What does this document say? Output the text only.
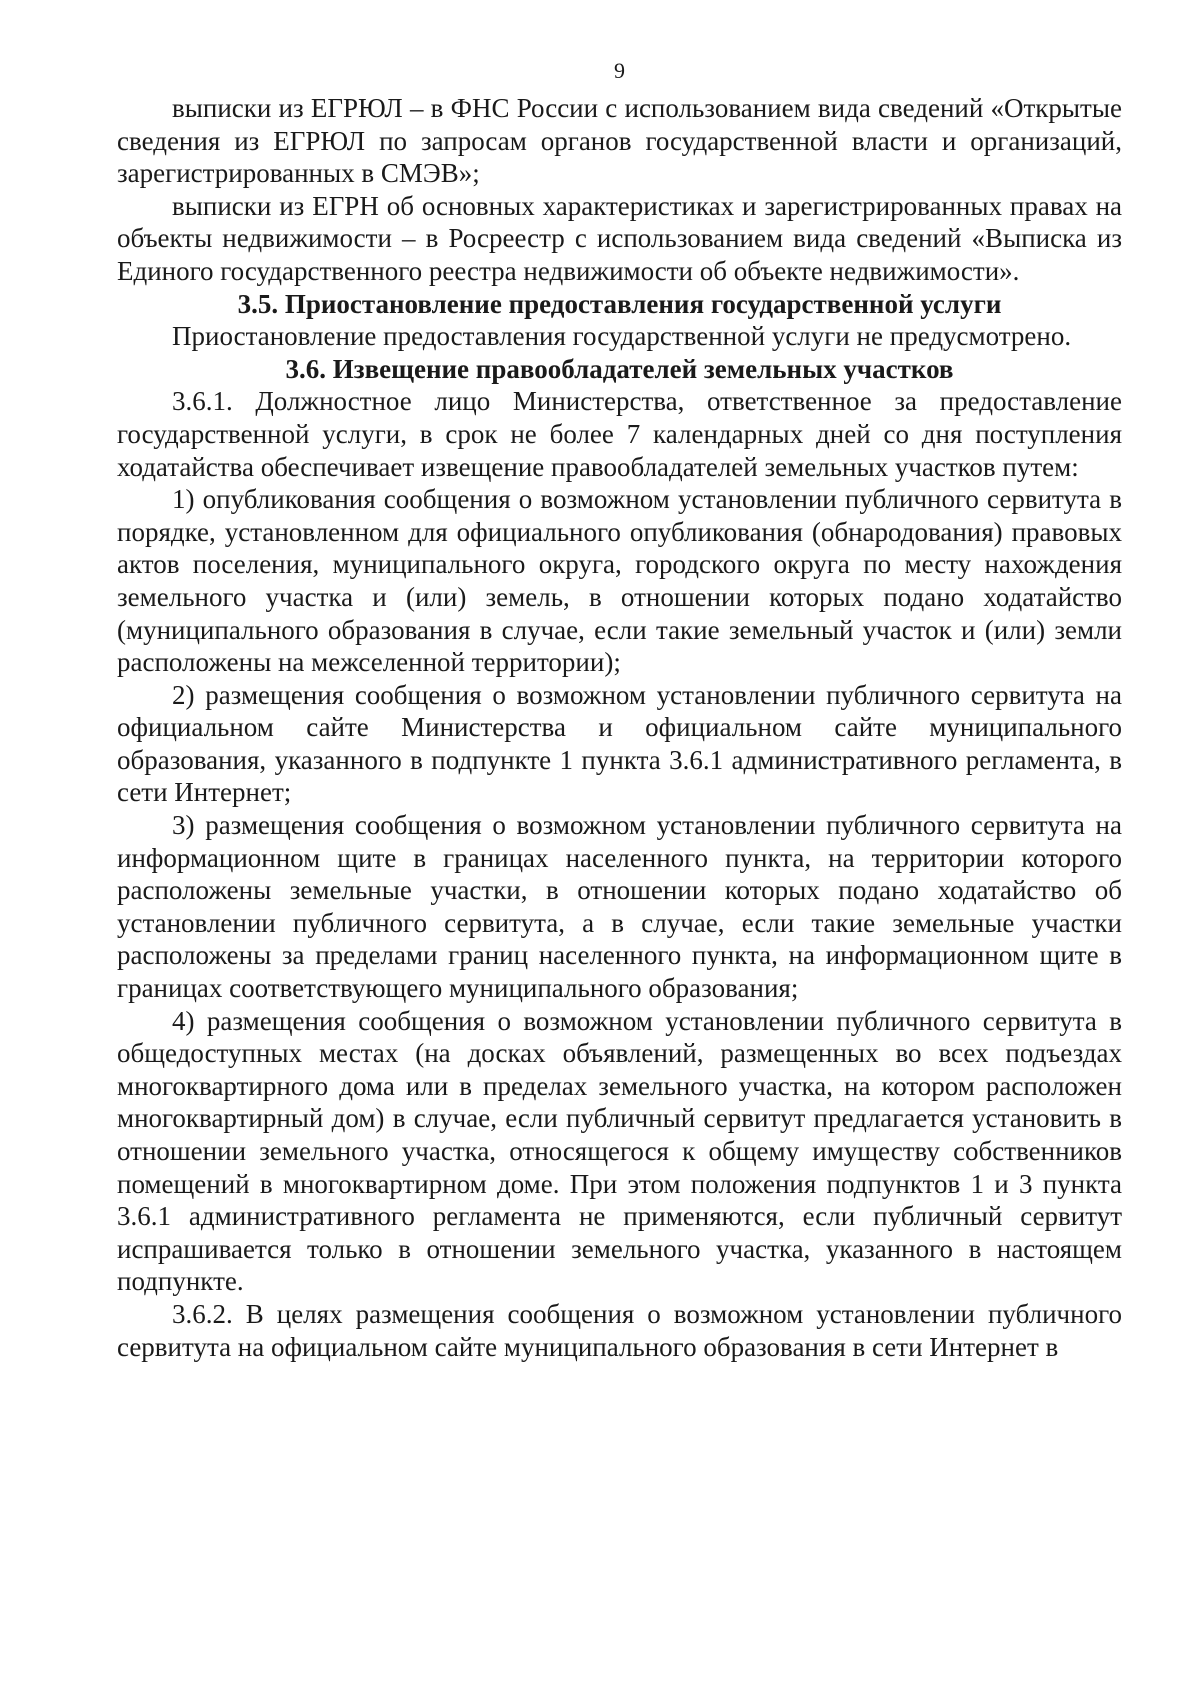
9

выписки из ЕГРЮЛ – в ФНС России с использованием вида сведений «Открытые сведения из ЕГРЮЛ по запросам органов государственной власти и организаций, зарегистрированных в СМЭВ»;

выписки из ЕГРН об основных характеристиках и зарегистрированных правах на объекты недвижимости – в Росреестр с использованием вида сведений «Выписка из Единого государственного реестра недвижимости об объекте недвижимости».

3.5. Приостановление предоставления государственной услуги

Приостановление предоставления государственной услуги не предусмотрено.

3.6. Извещение правообладателей земельных участков

3.6.1. Должностное лицо Министерства, ответственное за предоставление государственной услуги, в срок не более 7 календарных дней со дня поступления ходатайства обеспечивает извещение правообладателей земельных участков путем:

1) опубликования сообщения о возможном установлении публичного сервитута в порядке, установленном для официального опубликования (обнародования) правовых актов поселения, муниципального округа, городского округа по месту нахождения земельного участка и (или) земель, в отношении которых подано ходатайство (муниципального образования в случае, если такие земельный участок и (или) земли расположены на межселенной территории);

2) размещения сообщения о возможном установлении публичного сервитута на официальном сайте Министерства и официальном сайте муниципального образования, указанного в подпункте 1 пункта 3.6.1 административного регламента, в сети Интернет;

3) размещения сообщения о возможном установлении публичного сервитута на информационном щите в границах населенного пункта, на территории которого расположены земельные участки, в отношении которых подано ходатайство об установлении публичного сервитута, а в случае, если такие земельные участки расположены за пределами границ населенного пункта, на информационном щите в границах соответствующего муниципального образования;

4) размещения сообщения о возможном установлении публичного сервитута в общедоступных местах (на досках объявлений, размещенных во всех подъездах многоквартирного дома или в пределах земельного участка, на котором расположен многоквартирный дом) в случае, если публичный сервитут предлагается установить в отношении земельного участка, относящегося к общему имуществу собственников помещений в многоквартирном доме. При этом положения подпунктов 1 и 3 пункта 3.6.1 административного регламента не применяются, если публичный сервитут испрашивается только в отношении земельного участка, указанного в настоящем подпункте.

3.6.2. В целях размещения сообщения о возможном установлении публичного сервитута на официальном сайте муниципального образования в сети Интернет в
